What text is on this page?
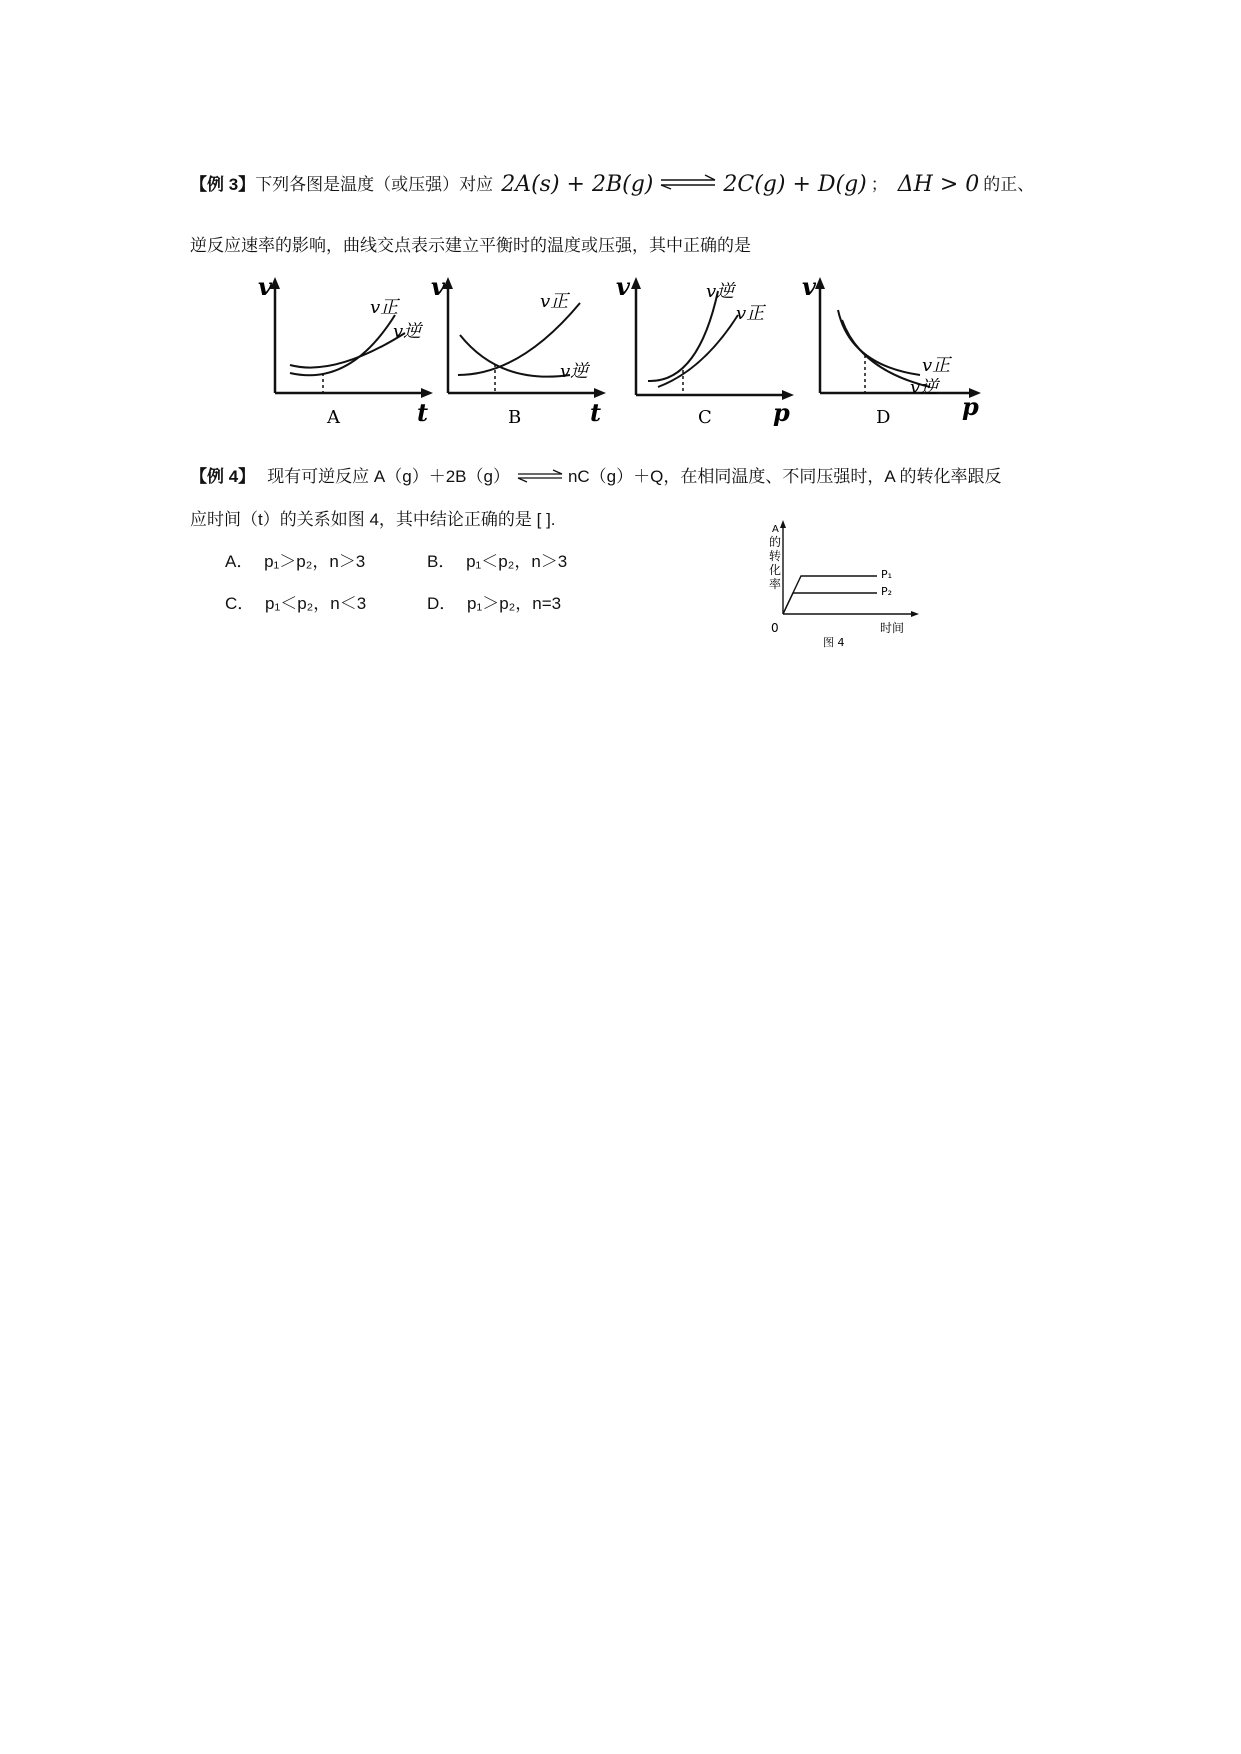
【例 3】 下列各图是温度（或压强）对应 2A(s) + 2B(g) ⇌ 2C(g) + D(g) ； ΔH > 0 的正、
逆反应速率的影响，曲线交点表示建立平衡时的温度或压强，其中正确的是
v
t
v正
v逆
A
v
t
v正
v逆
B
v
p
v逆
v正
C
v
p
v正
v逆
D
【例 4】 现有可逆反应 A（g）＋2B（g）	nC（g）＋Q，在相同温度、不同压强时，A 的转化率跟反
应时间（t）的关系如图 4，其中结论正确的是 [ ].
A． p₁＞p₂，n＞3	B． p₁＜p₂，n＞3
C． p₁＜p₂，n＜3	D． p₁＞p₂，n=3
A
的
转
化
率
0	时间
P₁
P₂
图 4
